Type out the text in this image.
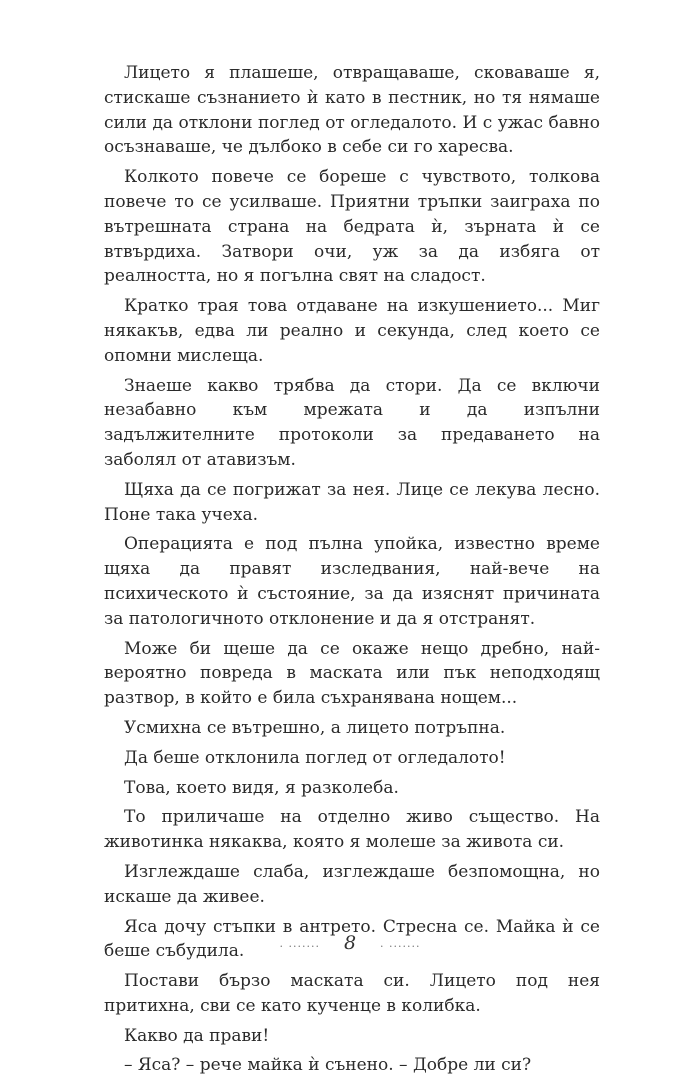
Лицето я плашеше, отвращаваше, сковаваше я, стискаше съзнанието ѝ като в пестник, но тя нямаше сили да отклони поглед от огледалото. И с ужас бавно осъзнаваше, че дълбоко в себе си го харесва.

Колкото повече се бореше с чувството, толкова повече то се усилваше. Приятни тръпки заиграха по вътрешната страна на бедрата ѝ, зърната ѝ се втвърдиха. Затвори очи, уж за да избяга от реалността, но я погълна свят на сладост.

Кратко трая това отдаване на изкушението... Миг някакъв, едва ли реално и секунда, след което се опомни мислеща.

Знаеше какво трябва да стори. Да се включи незабавно към мрежата и да изпълни задължителните протоколи за предаването на заболял от атавизъм.

Щяха да се погрижат за нея. Лице се лекува лесно. Поне така учеха.

Операцията е под пълна упойка, известно време щяха да правят изследвания, най-вече на психическото ѝ състояние, за да изяснят причината за патологичното отклонение и да я отстранят.

Може би щеше да се окаже нещо дребно, най-вероятно повреда в маската или пък неподходящ разтвор, в който е била съхранявана нощем...

Усмихна се вътрешно, а лицето потръпна.

Да беше отклонила поглед от огледалото!

Това, което видя, я разколеба.

То приличаше на отделно живо същество. На животинка някаква, която я молеше за живота си.

Изглеждаше слаба, изглеждаше безпомощна, но искаше да живее.

Яса дочу стъпки в антрето. Стресна се. Майка ѝ се беше събудила.

Постави бързо маската си. Лицето под нея притихна, сви се като кученце в колибка.

Какво да прави!

– Яса? – рече майка ѝ сънено. – Добре ли си?

. ....... 8 . .......
